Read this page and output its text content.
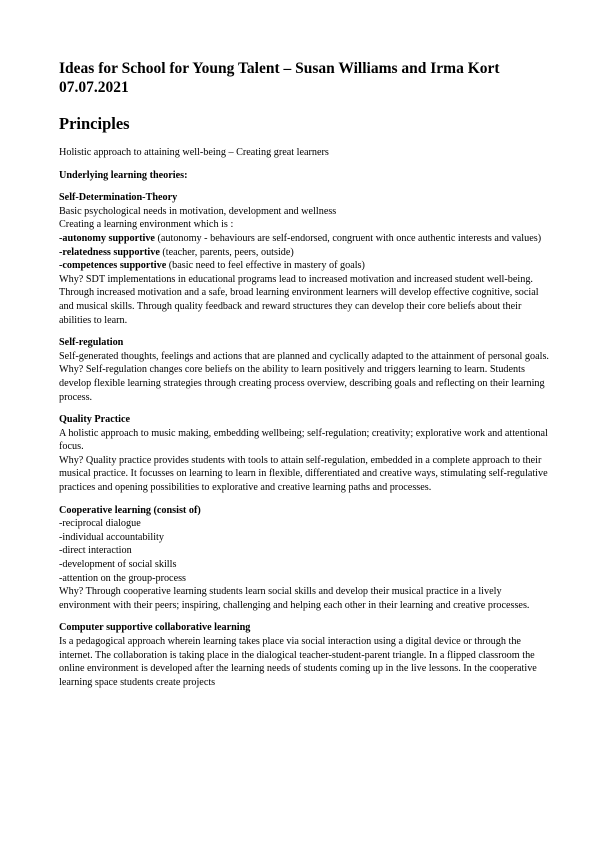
Ideas for School for Young Talent – Susan Williams and Irma Kort
07.07.2021
Principles

Holistic approach to attaining well-being – Creating great learners

Underlying learning theories:

Self-Determination-Theory

Basic psychological needs in motivation, development and wellness

Creating a learning environment which is :

-autonomy supportive (autonomy - behaviours are self-endorsed, congruent with once authentic interests and values)

-relatedness supportive (teacher, parents, peers, outside)

-competences supportive (basic need to feel effective in mastery of goals)

Why? SDT implementations in educational programs lead to increased motivation and increased student well-being. Through increased motivation and a safe, broad learning environment learners will develop effective cognitive, social and musical skills. Through quality feedback and reward structures they can develop their core beliefs about their abilities to learn.

Self-regulation

Self-generated thoughts, feelings and actions that are planned and cyclically adapted to the attainment of personal goals.

Why? Self-regulation changes core beliefs on the ability to learn positively and triggers learning to learn. Students develop flexible learning strategies through creating process overview, describing goals and reflecting on their learning process.

Quality Practice

A holistic approach to music making, embedding wellbeing; self-regulation; creativity; explorative work and attentional focus.

Why? Quality practice provides students with tools to attain self-regulation, embedded in a complete approach to their musical practice. It focusses on learning to learn in flexible, differentiated and creative ways, stimulating self-regulative practices and opening possibilities to explorative and creative learning paths and processes.

Cooperative learning (consist of)

-reciprocal dialogue

-individual accountability

-direct interaction

-development of social skills

-attention on the group-process

Why? Through cooperative learning students learn social skills and develop their musical practice in a lively environment with their peers; inspiring, challenging and helping each other in their learning and creative processes.

Computer supportive collaborative learning

Is a pedagogical approach wherein learning takes place via social interaction using a digital device or through the internet. The collaboration is taking place in the dialogical teacher-student-parent triangle. In a flipped classroom the online environment is developed after the learning needs of students coming up in the live lessons. In the cooperative learning space students create projects
